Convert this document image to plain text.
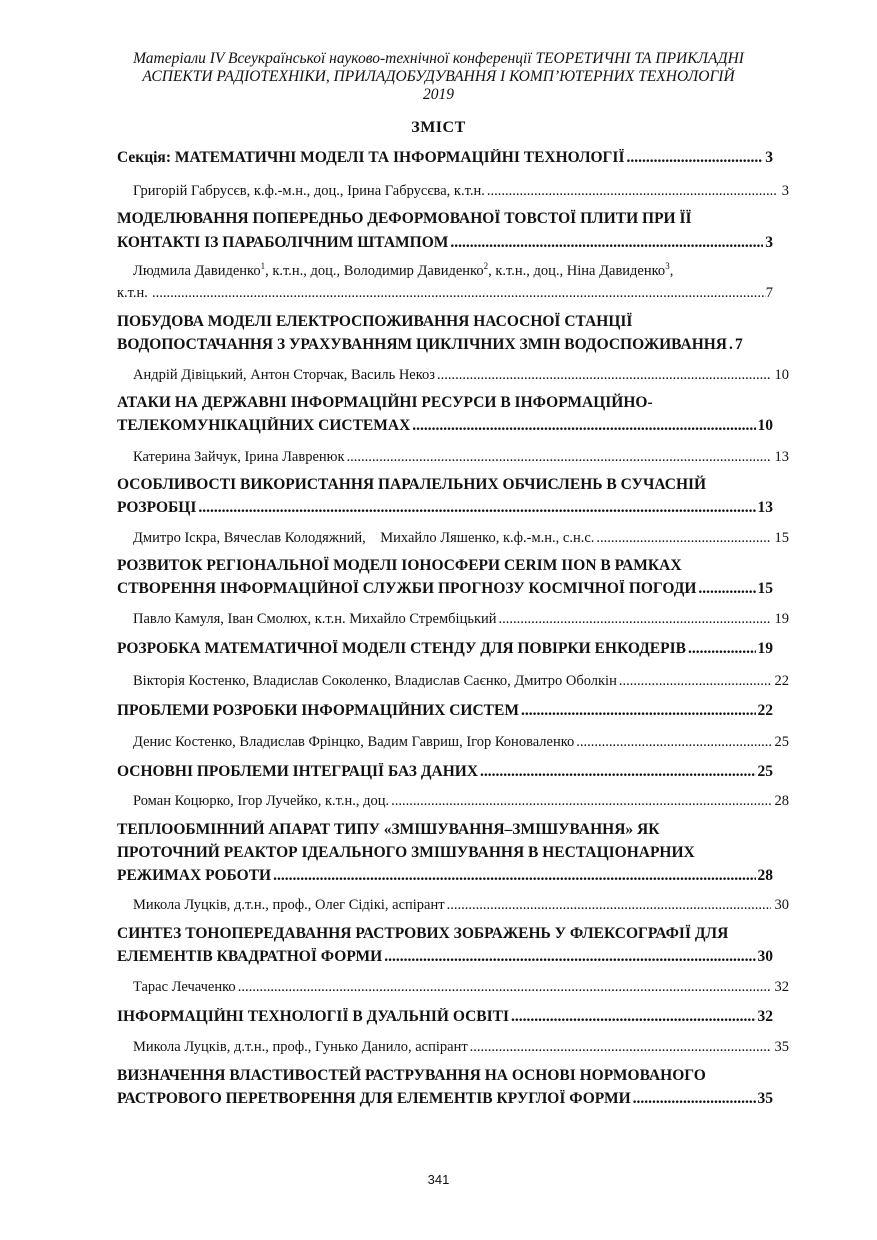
Матеріали IV Всеукраїнської науково-технічної конференції ТЕОРЕТИЧНІ ТА ПРИКЛАДНІ
АСПЕКТИ РАДІОТЕХНІКИ, ПРИЛАДОБУДУВАННЯ І КОМП’ЮТЕРНИХ ТЕХНОЛОГІЙ
2019
ЗМІСТ
Секція: МАТЕМАТИЧНІ МОДЕЛІ ТА ІНФОРМАЦІЙНІ ТЕХНОЛОГІЇ .....	3
Григорій Габрусєв, к.ф.-м.н., доц., Ірина Габрусєва, к.т.н. .....	3
МОДЕЛЮВАННЯ ПОПЕРЕДНЬО ДЕФОРМОВАНОЇ ТОВСТОЇ ПЛИТИ ПРИ ЇЇ
КОНТАКТІ ІЗ ПАРАБОЛІЧНИМ ШТАМПОМ .....	3
Людмила Давиденко$^1$, к.т.н., доц., Володимир Давиденко$^2$, к.т.н., доц., Ніна Давиденко$^3$,
к.т.н. .....	7
ПОБУДОВА МОДЕЛІ ЕЛЕКТРОСПОЖИВАННЯ НАСОСНОЇ СТАНЦІЇ
ВОДОПОСТАЧАННЯ З УРАХУВАННЯМ ЦИКЛІЧНИХ ЗМІН ВОДОСПОЖИВАННЯ ..... 7
Андрій Дівіцький, Антон Сторчак, Василь Некоз .....	10
АТАКИ НА ДЕРЖАВНІ ІНФОРМАЦІЙНІ РЕСУРСИ В ІНФОРМАЦІЙНО-
ТЕЛЕКОМУНІКАЦІЙНИХ СИСТЕМАХ .....	10
Катерина Зайчук, Ірина Лавренюк .....	13
ОСОБЛИВОСТІ ВИКОРИСТАННЯ ПАРАЛЕЛЬНИХ ОБЧИСЛЕНЬ В СУЧАСНІЙ
РОЗРОБЦІ .....	13
Дмитро Іскра, Вячеслав Колодяжний,    Михайло Ляшенко, к.ф.-м.н., с.н.с. .....	15
РОЗВИТОК РЕГІОНАЛЬНОЇ МОДЕЛІ ІОНОСФЕРИ CERIM IION В РАМКАХ
СТВОРЕННЯ ІНФОРМАЦІЙНОЇ СЛУЖБИ ПРОГНОЗУ КОСМІЧНОЇ ПОГОДИ .....	15
Павло Камуля, Іван Смолюх, к.т.н. Михайло Стрембіцький .....	19
РОЗРОБКА МАТЕМАТИЧНОЇ МОДЕЛІ СТЕНДУ ДЛЯ ПОВІРКИ ЕНКОДЕРІВ .....	19
Вікторія Костенко, Владислав Соколенко, Владислав Саєнко, Дмитро Оболкін .....	22
ПРОБЛЕМИ РОЗРОБКИ ІНФОРМАЦІЙНИХ СИСТЕМ .....	22
Денис Костенко, Владислав Фрінцко, Вадим Гавриш, Ігор Коноваленко .....	25
ОСНОВНІ ПРОБЛЕМИ ІНТЕГРАЦІЇ БАЗ ДАНИХ .....	25
Роман Коцюрко, Ігор Лучейко, к.т.н., доц. .....	28
ТЕПЛООБМІННИЙ АПАРАТ ТИПУ «ЗМІШУВАННЯ–ЗМІШУВАННЯ» ЯК
ПРОТОЧНИЙ РЕАКТОР ІДЕАЛЬНОГО ЗМІШУВАННЯ В НЕСТАЦІОНАРНИХ
РЕЖИМАХ РОБОТИ .....	28
Микола Луцків, д.т.н., проф., Олег Сідікі, аспірант .....	30
СИНТЕЗ ТОНОПЕРЕДАВАННЯ РАСТРОВИХ ЗОБРАЖЕНЬ У ФЛЕКСОГРАФІЇ ДЛЯ
ЕЛЕМЕНТІВ КВАДРАТНОЇ ФОРМИ .....	30
Тарас Лечаченко .....	32
ІНФОРМАЦІЙНІ ТЕХНОЛОГІЇ В ДУАЛЬНІЙ ОСВІТІ .....	32
Микола Луцків, д.т.н., проф., Гунько Данило, аспірант .....	35
ВИЗНАЧЕННЯ ВЛАСТИВОСТЕЙ РАСТРУВАННЯ НА ОСНОВІ НОРМОВАНОГО
РАСТРОВОГО ПЕРЕТВОРЕННЯ ДЛЯ ЕЛЕМЕНТІВ КРУГЛОЇ ФОРМИ .....	35
341
